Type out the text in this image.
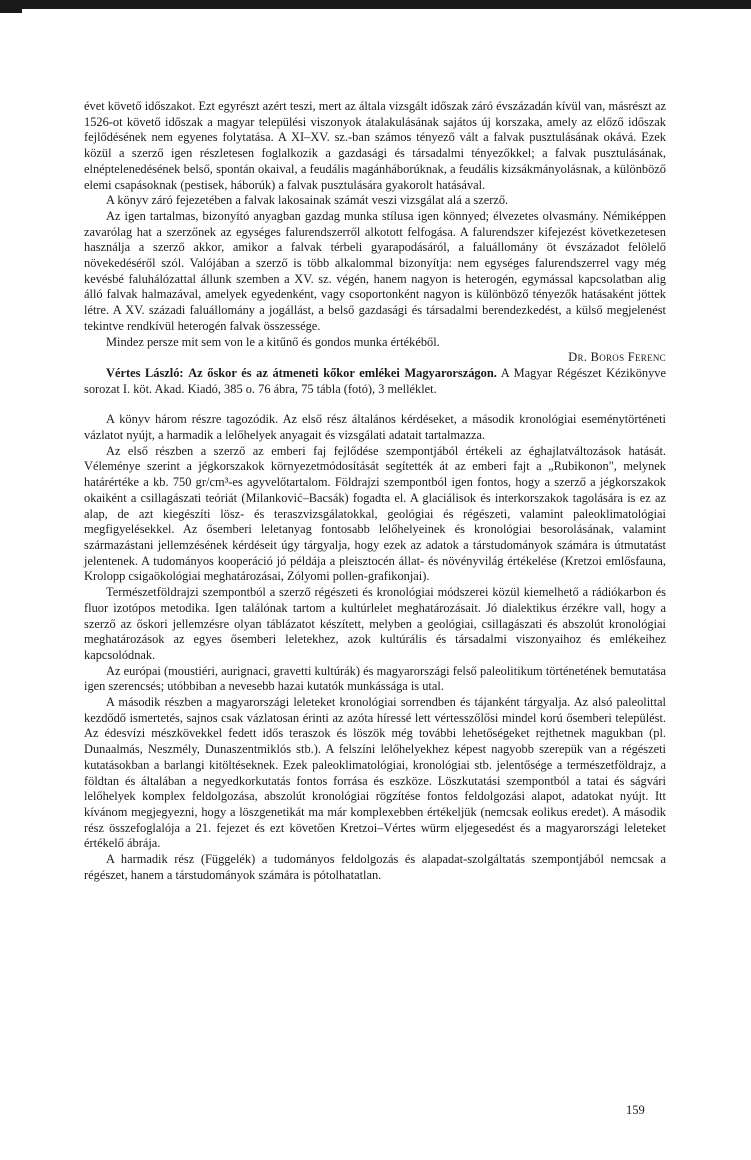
évet követő időszakot. Ezt egyrészt azért teszi, mert az általa vizsgált időszak záró évszázadán kívül van, másrészt az 1526-ot követő időszak a magyar települési viszonyok átalakulásának sajátos új korszaka, amely az előző időszak fejlődésének nem egyenes folytatása. A XI–XV. sz.-ban számos tényező vált a falvak pusztulásának okává. Ezek közül a szerző igen részletesen foglalkozik a gazdasági és társadalmi tényezőkkel; a falvak pusztulásának, elnéptelenedésének belső, spontán okaival, a feudális magánháborúknak, a feudális kizsákmányolásnak, a különböző elemi csapásoknak (pestisek, háborúk) a falvak pusztulására gyakorolt hatásával.

A könyv záró fejezetében a falvak lakosainak számát veszi vizsgálat alá a szerző.

Az igen tartalmas, bizonyító anyagban gazdag munka stílusa igen könnyed; élvezetes olvasmány. Némiképpen zavarólag hat a szerzőnek az egységes falurendszerről alkotott felfogása. A falurendszer kifejezést következetesen használja a szerző akkor, amikor a falvak térbeli gyarapodásáról, a faluállomány öt évszázadot felölelő növekedéséről szól. Valójában a szerző is több alkalommal bizonyítja: nem egységes falurendszerrel vagy még kevésbé faluhálózattal állunk szemben a XV. sz. végén, hanem nagyon is heterogén, egymással kapcsolatban alig álló falvak halmazával, amelyek egyedenként, vagy csoportonként nagyon is különböző tényezők hatásaként jöttek létre. A XV. századi faluállomány a jogállást, a belső gazdasági és társadalmi berendezkedést, a külső megjelenést tekintve rendkívül heterogén falvak összessége.

Mindez persze mit sem von le a kitűnő és gondos munka értékéből.

Dr. Boros Ferenc

Vértes László: Az őskor és az átmeneti kőkor emlékei Magyarországon. A Magyar Régészet Kézikönyve sorozat I. köt. Akad. Kiadó, 385 o. 76 ábra, 75 tábla (fotó), 3 melléklet.

A könyv három részre tagozódik. Az első rész általános kérdéseket, a második kronológiai eseménytörténeti vázlatot nyújt, a harmadik a lelőhelyek anyagait és vizsgálati adatait tartalmazza.

Az első részben a szerző az emberi faj fejlődése szempontjából értékeli az éghajlatváltozások hatását. Véleménye szerint a jégkorszakok környezetmódosítását segítették át az emberi fajt a „Rubikonon", melynek határértéke a kb. 750 gr/cm³-es agyvelőtartalom. Földrajzi szempontból igen fontos, hogy a szerző a jégkorszakok okaiként a csillagászati teóriát (Milanković–Bacsák) fogadta el. A glaciálisok és interkorszakok tagolására is ez az alap, de azt kiegészíti lösz- és teraszvizsgálatokkal, geológiai és régészeti, valamint paleoklimatológiai megfigyelésekkel. Az ősemberi leletanyag fontosabb lelőhelyeinek és kronológiai besorolásának, valamint származástani jellemzésének kérdéseit úgy tárgyalja, hogy ezek az adatok a társtudományok számára is útmutatást jelentenek. A tudományos kooperáció jó példája a pleisztocén állat- és növényvilág értékelése (Kretzoi emlősfauna, Krolopp csigaökológiai meghatározásai, Zólyomi pollen-grafikonjai).

Természetföldrajzi szempontból a szerző régészeti és kronológiai módszerei közül kiemelhető a rádiókarbon és fluor izotópos metodika. Igen találónak tartom a kultúrlelet meghatározásait. Jó dialektikus érzékre vall, hogy a szerző az őskori jellemzésre olyan táblázatot készített, melyben a geológiai, csillagászati és abszolút kronológiai meghatározások az egyes ősemberi leletekhez, azok kultúrális és társadalmi viszonyaihoz és emlékeihez kapcsolódnak.

Az európai (moustiéri, aurignaci, gravetti kultúrák) és magyarországi felső paleolitikum történetének bemutatása igen szerencsés; utóbbiban a nevesebb hazai kutatók munkássága is utal.

A második részben a magyarországi leleteket kronológiai sorrendben és tájanként tárgyalja. Az alsó paleolittal kezdődő ismertetés, sajnos csak vázlatosan érinti az azóta híressé lett vértesszőlősi mindel korú ősemberi települést. Az édesvízi mészkövekkel fedett idős teraszok és löszök még további lehetőségeket rejthetnek magukban (pl. Dunaalmás, Neszmély, Dunaszentmiklós stb.). A felszíni lelőhelyekhez képest nagyobb szerepük van a régészeti kutatásokban a barlangi kitöltéseknek. Ezek paleoklimatológiai, kronológiai stb. jelentősége a természetföldrajz, a földtan és általában a negyedkorkutatás fontos forrása és eszköze. Löszkutatási szempontból a tatai és ságvári lelőhelyek komplex feldolgozása, abszolút kronológiai rögzítése fontos feldolgozási alapot, adatokat nyújt. Itt kívánom megjegyezni, hogy a löszgenetikát ma már komplexebben értékeljük (nemcsak eolikus eredet). A második rész összefoglalója a 21. fejezet és ezt követően Kretzoi–Vértes würm eljegesedést és a magyarországi leleteket értékelő ábrája.

A harmadik rész (Függelék) a tudományos feldolgozás és alapadat-szolgáltatás szempontjából nemcsak a régészet, hanem a társtudományok számára is pótolhatatlan.

159
